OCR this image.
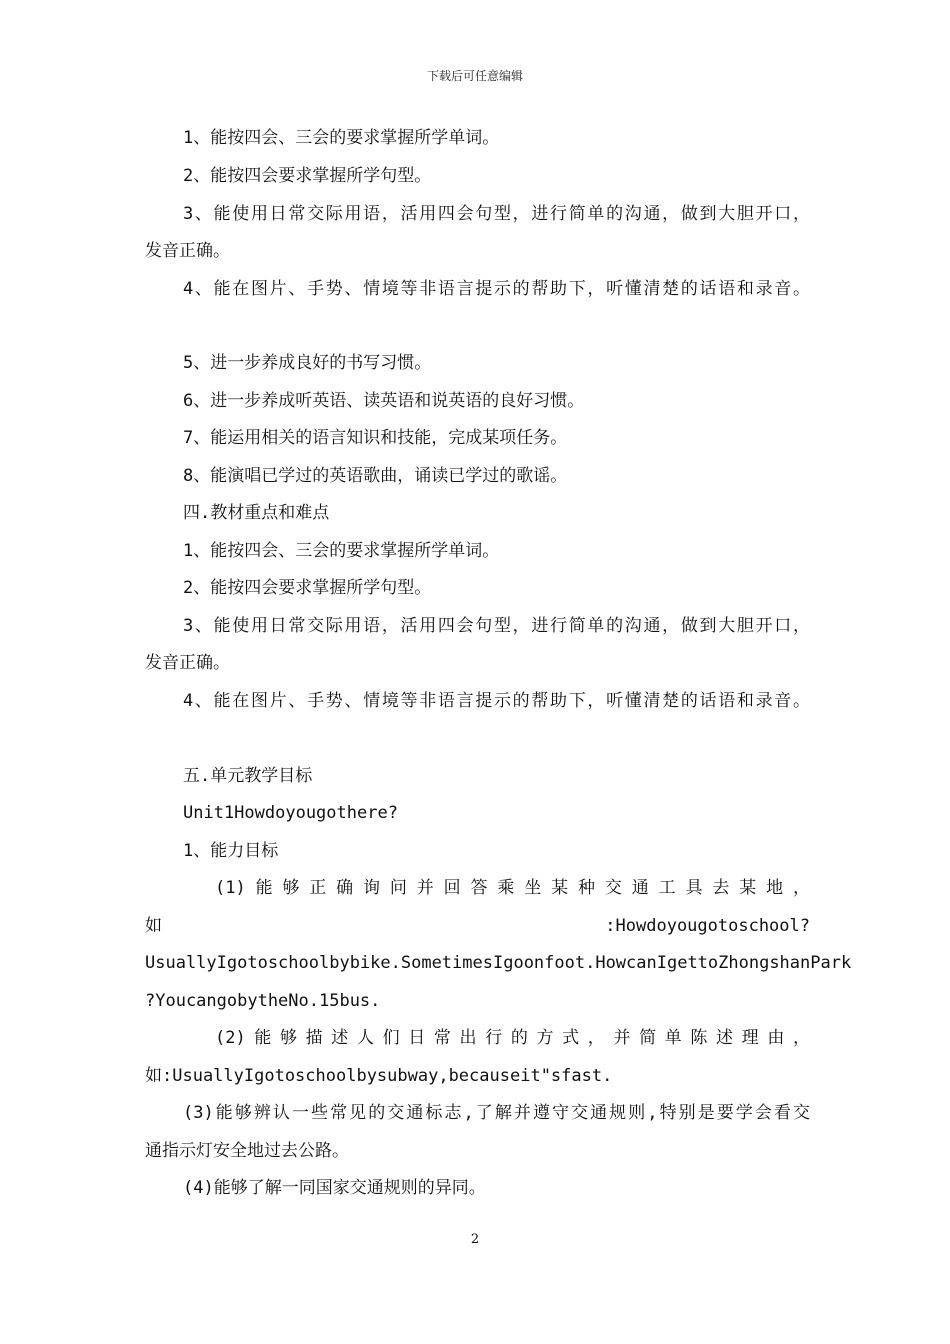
下载后可任意编辑
1、能按四会、三会的要求掌握所学单词。
2、能按四会要求掌握所学句型。
3、能使用日常交际用语，活用四会句型，进行简单的沟通，做到大胆开口，
发音正确。
4、能在图片、手势、情境等非语言提示的帮助下，听懂清楚的话语和录音。
5、进一步养成良好的书写习惯。
6、进一步养成听英语、读英语和说英语的良好习惯。
7、能运用相关的语言知识和技能，完成某项任务。
8、能演唱已学过的英语歌曲，诵读已学过的歌谣。
四.教材重点和难点
1、能按四会、三会的要求掌握所学单词。
2、能按四会要求掌握所学句型。
3、能使用日常交际用语，活用四会句型，进行简单的沟通，做到大胆开口，
发音正确。
4、能在图片、手势、情境等非语言提示的帮助下，听懂清楚的话语和录音。
五.单元教学目标
Unit1Howdoyougothere?
1、能力目标
(1)能够正确询问并回答乘坐某种交通工具去某地，
如	:Howdoyougotoschool?
UsuallyIgotoschoolbybike.SometimesIgoonfoot.HowcanIgettoZhongshanPark
?YoucangobytheNo.15bus.
(2)能够描述人们日常出行的方式，并简单陈述理由，
如:UsuallyIgotoschoolbysubway,becauseit"sfast.
(3)能够辨认一些常见的交通标志,了解并遵守交通规则,特别是要学会看交
通指示灯安全地过去公路。
(4)能够了解一同国家交通规则的异同。
2
